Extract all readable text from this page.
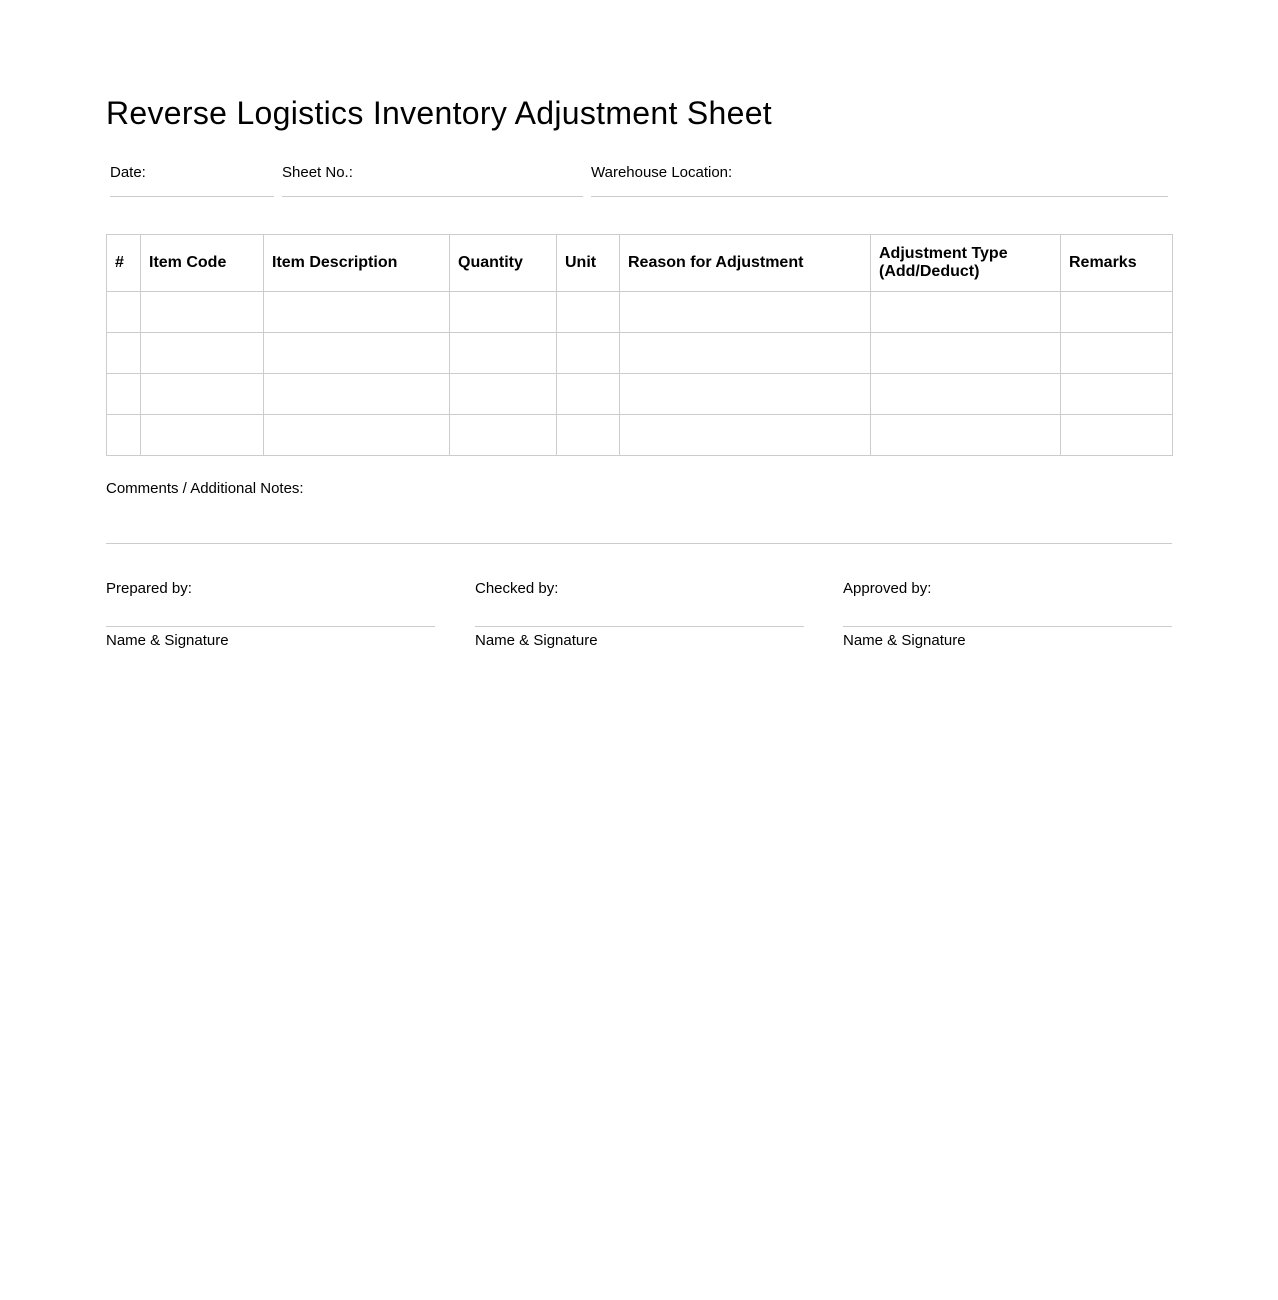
Reverse Logistics Inventory Adjustment Sheet
Date:	Sheet No.:	Warehouse Location:
#	Item Code	Item Description	Quantity	Unit	Reason for Adjustment	Adjustment Type (Add/Deduct)	Remarks

Comments / Additional Notes:
Prepared by:
Name & Signature
Checked by:
Name & Signature
Approved by:
Name & Signature
